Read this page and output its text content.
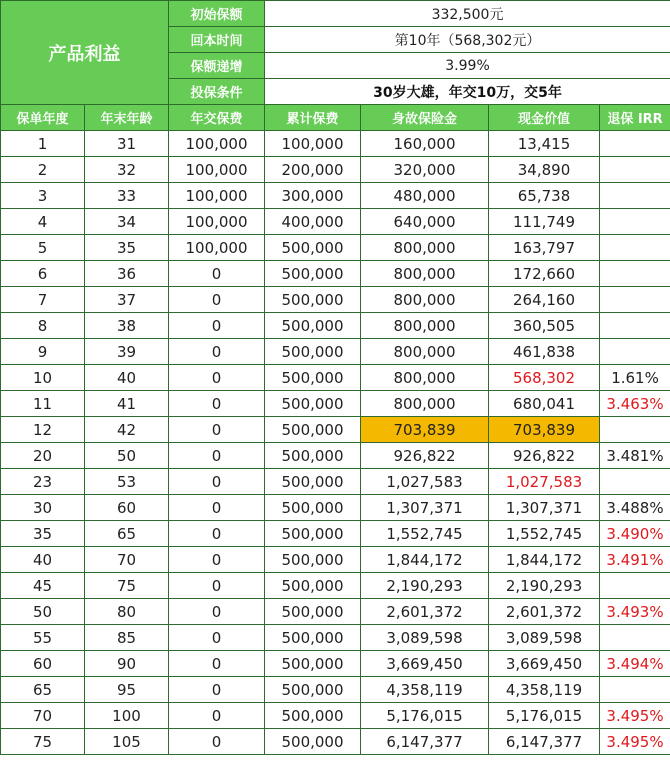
产品利益		初始保额	332,500元			
		回本时间	第10年（568,302元）			
		保额递增	3.99%			
		投保条件	30岁大雄，年交10万，交5年			
保单年度	年末年龄	年交保费	累计保费	身故保险金	现金价值	退保 IRR
1	31	100,000	100,000	160,000	13,415	
2	32	100,000	200,000	320,000	34,890	
3	33	100,000	300,000	480,000	65,738	
4	34	100,000	400,000	640,000	111,749	
5	35	100,000	500,000	800,000	163,797	
6	36	0	500,000	800,000	172,660	
7	37	0	500,000	800,000	264,160	
8	38	0	500,000	800,000	360,505	
9	39	0	500,000	800,000	461,838	
10	40	0	500,000	800,000	568,302	1.61%
11	41	0	500,000	800,000	680,041	3.463%
12	42	0	500,000	703,839	703,839	
20	50	0	500,000	926,822	926,822	3.481%
23	53	0	500,000	1,027,583	1,027,583	
30	60	0	500,000	1,307,371	1,307,371	3.488%
35	65	0	500,000	1,552,745	1,552,745	3.490%
40	70	0	500,000	1,844,172	1,844,172	3.491%
45	75	0	500,000	2,190,293	2,190,293	
50	80	0	500,000	2,601,372	2,601,372	3.493%
55	85	0	500,000	3,089,598	3,089,598	
60	90	0	500,000	3,669,450	3,669,450	3.494%
65	95	0	500,000	4,358,119	4,358,119	
70	100	0	500,000	5,176,015	5,176,015	3.495%
75	105	0	500,000	6,147,377	6,147,377	3.495%
